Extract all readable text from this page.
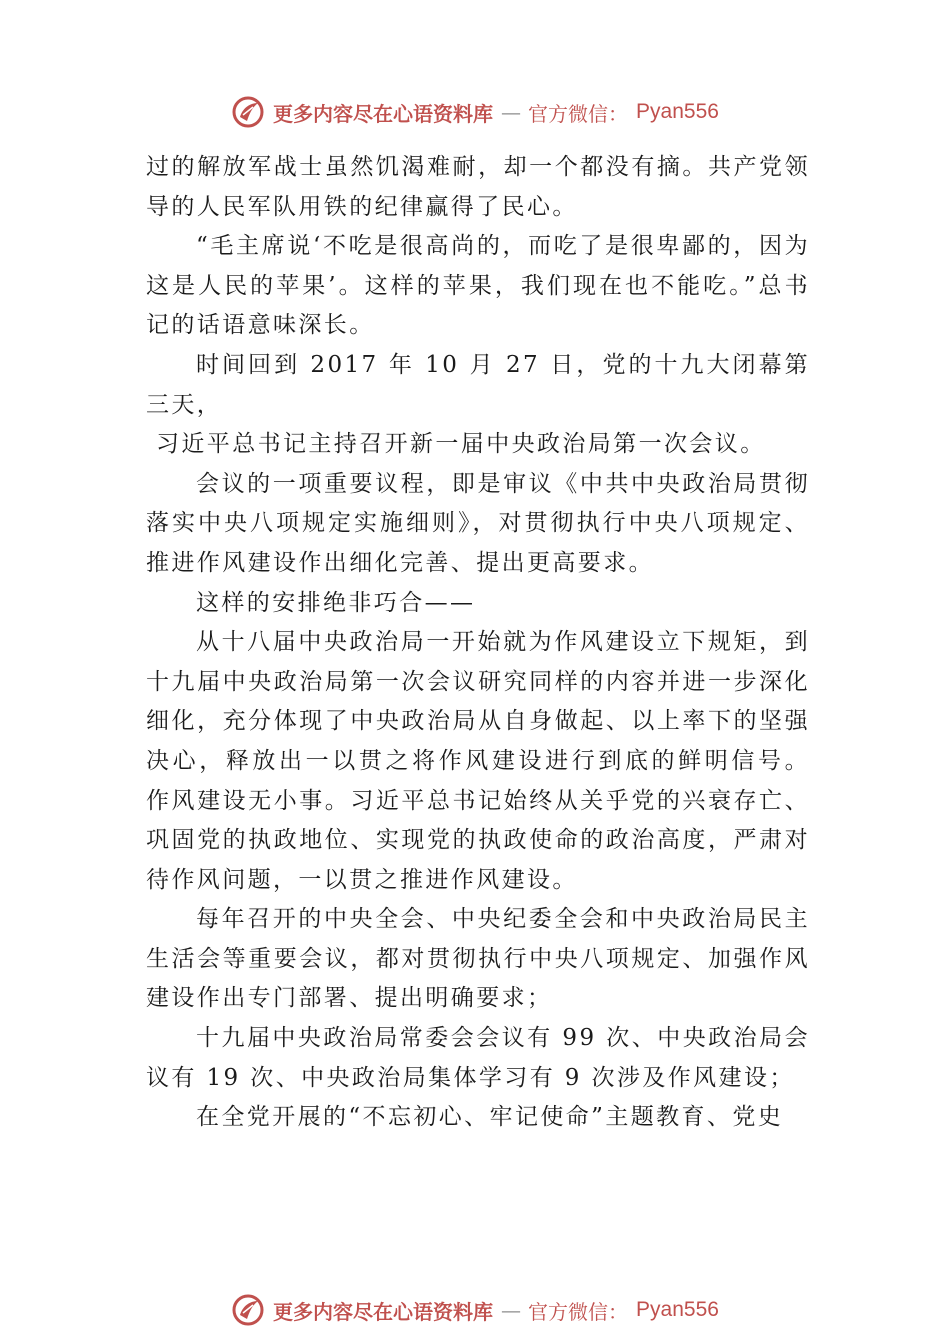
更多内容尽在心语资料库 — 官方微信： Pyan556

过的解放军战士虽然饥渴难耐，却一个都没有摘。共产党领导的人民军队用铁的纪律赢得了民心。

“毛主席说‘不吃是很高尚的，而吃了是很卑鄙的，因为这是人民的苹果’。这样的苹果，我们现在也不能吃。”总书记的话语意味深长。

时间回到 2017 年 10 月 27 日，党的十九大闭幕第三天，

习近平总书记主持召开新一届中央政治局第一次会议。

会议的一项重要议程，即是审议《中共中央政治局贯彻落实中央八项规定实施细则》，对贯彻执行中央八项规定、推进作风建设作出细化完善、提出更高要求。

这样的安排绝非巧合——

从十八届中央政治局一开始就为作风建设立下规矩，到十九届中央政治局第一次会议研究同样的内容并进一步深化细化，充分体现了中央政治局从自身做起、以上率下的坚强决心，释放出一以贯之将作风建设进行到底的鲜明信号。 作风建设无小事。习近平总书记始终从关乎党的兴衰存亡、 巩固党的执政地位、实现党的执政使命的政治高度，严肃对待作风问题，一以贯之推进作风建设。

每年召开的中央全会、中央纪委全会和中央政治局民主生活会等重要会议，都对贯彻执行中央八项规定、加强作风建设作出专门部署、提出明确要求；

十九届中央政治局常委会会议有 99 次、中央政治局会议有 19 次、中央政治局集体学习有 9 次涉及作风建设；

在全党开展的“不忘初心、牢记使命”主题教育、党史

更多内容尽在心语资料库 — 官方微信： Pyan556
